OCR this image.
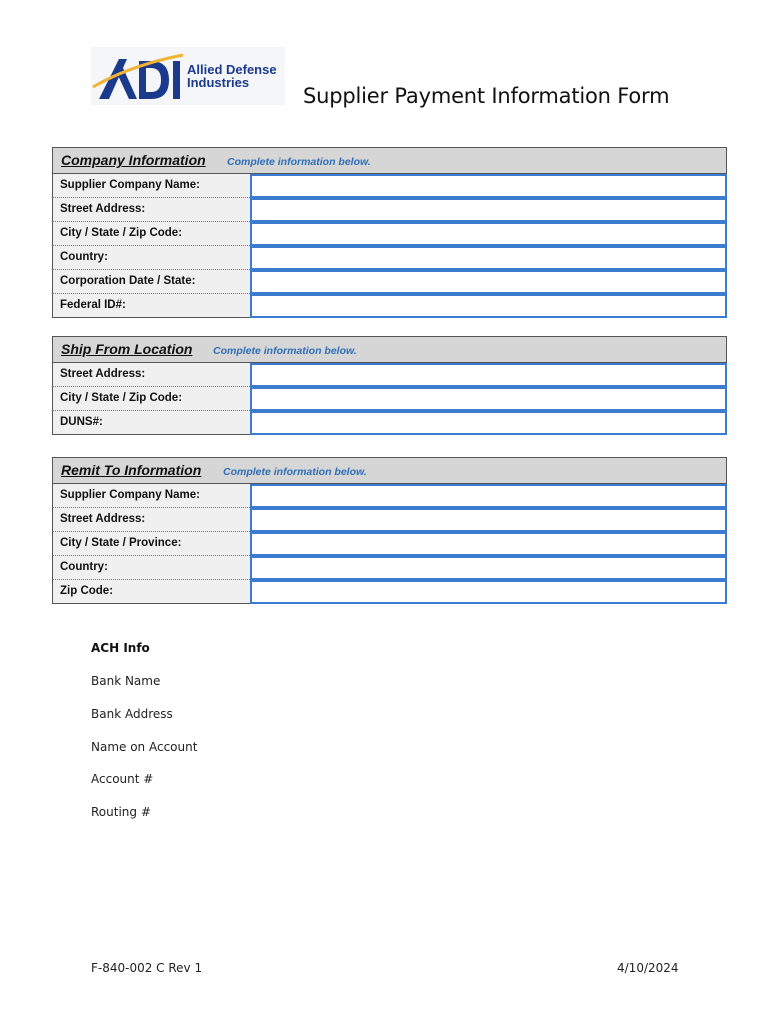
Allied Defense
Industries
Supplier Payment Information Form
Company Information Complete information below.
Supplier Company Name:
Street Address:
City / State / Zip Code:
Country:
Corporation Date / State:
Federal ID#:
Ship From Location Complete information below.
Street Address:
City / State / Zip Code:
DUNS#:
Remit To Information Complete information below.
Supplier Company Name:
Street Address:
City / State / Province:
Country:
Zip Code:
ACH Info
Bank Name
Bank Address
Name on Account
Account #
Routing #
F-840-002 C Rev 1	4/10/2024
